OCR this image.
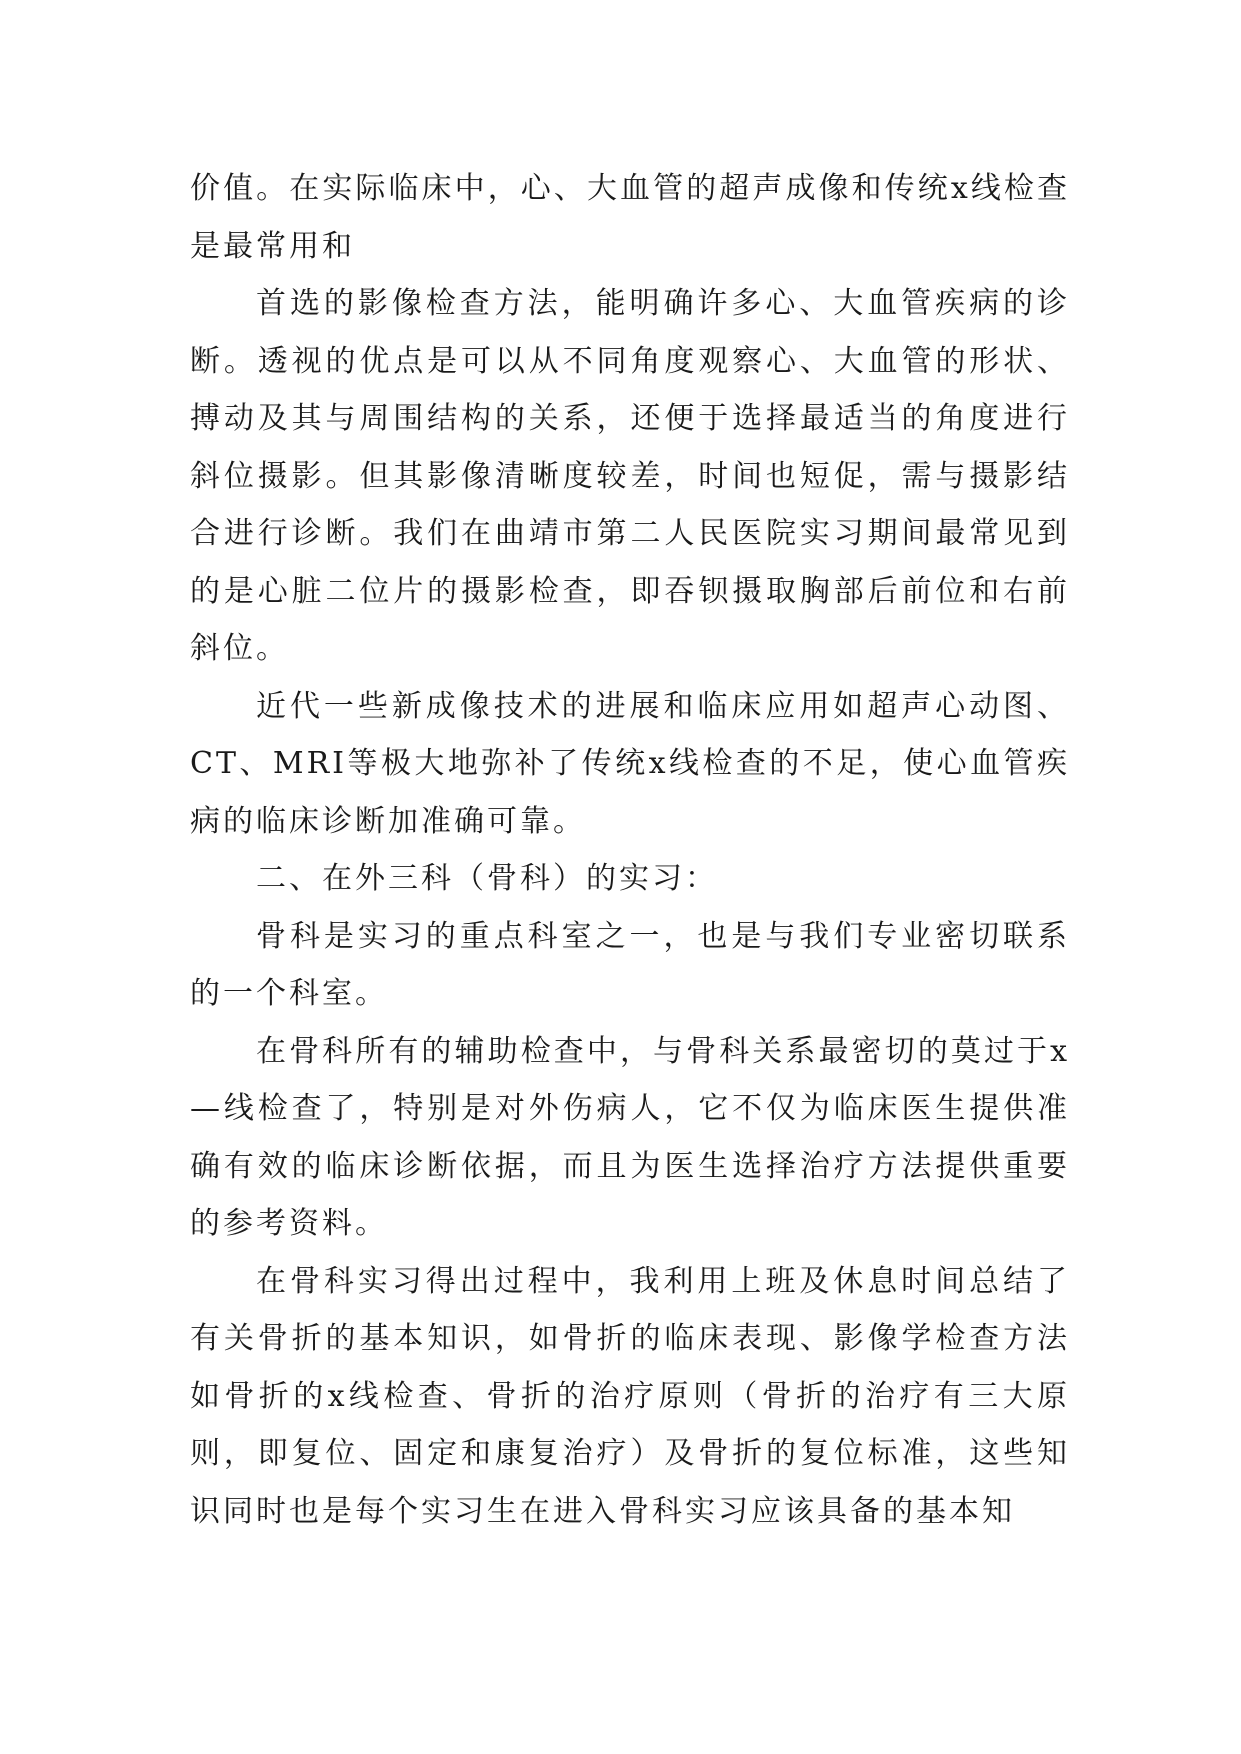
价值。在实际临床中，心、大血管的超声成像和传统x线检查是最常用和

首选的影像检查方法，能明确许多心、大血管疾病的诊断。透视的优点是可以从不同角度观察心、大血管的形状、搏动及其与周围结构的关系，还便于选择最适当的角度进行斜位摄影。但其影像清晰度较差，时间也短促，需与摄影结合进行诊断。我们在曲靖市第二人民医院实习期间最常见到的是心脏二位片的摄影检查，即吞钡摄取胸部后前位和右前斜位。

近代一些新成像技术的进展和临床应用如超声心动图、CT、MRI等极大地弥补了传统x线检查的不足，使心血管疾病的临床诊断加准确可靠。

二、在外三科（骨科）的实习：

骨科是实习的重点科室之一，也是与我们专业密切联系的一个科室。

在骨科所有的辅助检查中，与骨科关系最密切的莫过于x—线检查了，特别是对外伤病人，它不仅为临床医生提供准确有效的临床诊断依据，而且为医生选择治疗方法提供重要的参考资料。

在骨科实习得出过程中，我利用上班及休息时间总结了有关骨折的基本知识，如骨折的临床表现、影像学检查方法如骨折的x线检查、骨折的治疗原则（骨折的治疗有三大原则，即复位、固定和康复治疗）及骨折的复位标准，这些知识同时也是每个实习生在进入骨科实习应该具备的基本知
